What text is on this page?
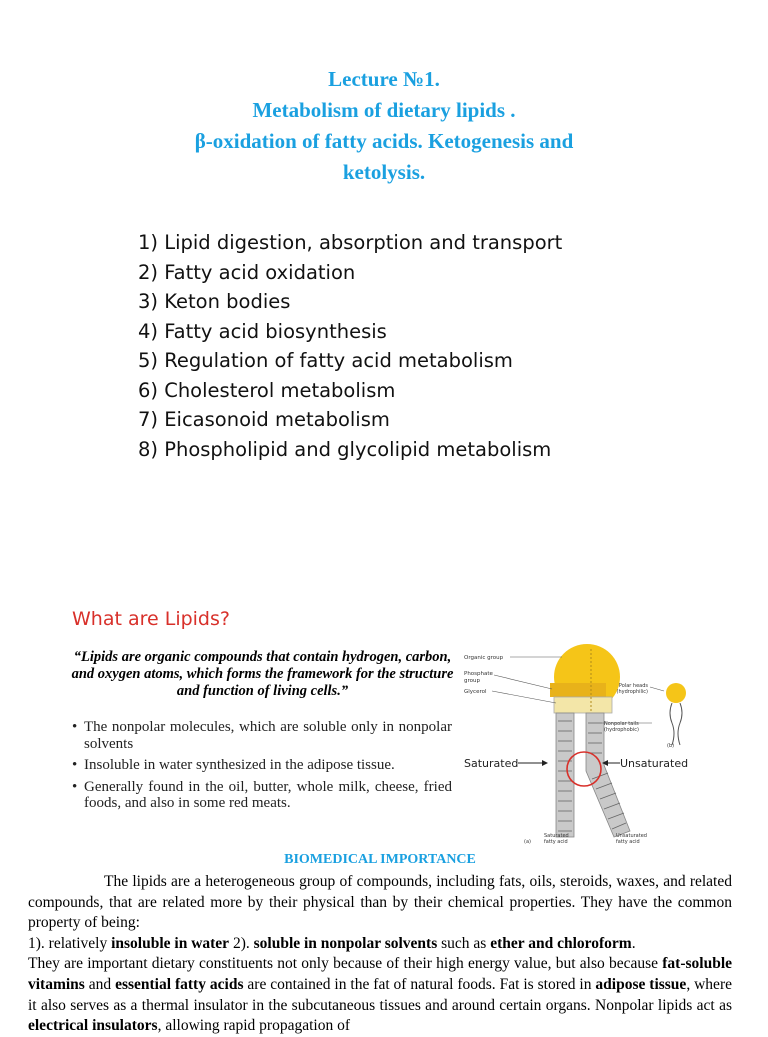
Lecture №1.
Metabolism of dietary lipids .
β-oxidation of fatty acids. Ketogenesis and
ketolysis.
1) Lipid digestion, absorption and transport
2) Fatty acid oxidation
3) Keton bodies
4) Fatty acid biosynthesis
5) Regulation of fatty acid metabolism
6) Cholesterol metabolism
7) Eicasonoid metabolism
8) Phospholipid and glycolipid metabolism
What are Lipids?
“Lipids are organic compounds that contain hydrogen, carbon, and oxygen atoms, which forms the framework for the structure and function of living cells.”
• The nonpolar molecules, which are soluble only in nonpolar solvents
• Insoluble in water synthesized in the adipose tissue.
• Generally found in the oil, butter, whole milk, cheese, fried foods, and also in some red meats.
Organic group
Phosphate
group
Glycerol
Polar heads
(hydrophilic)
Nonpolar tails
(hydrophobic)
(b)
(a)
Saturated
fatty acid
Unsaturated
fatty acid
Saturated	Unsaturated
BIOMEDICAL IMPORTANCE

The lipids are a heterogeneous group of compounds, including fats, oils, steroids, waxes, and related compounds, that are related more by their physical than by their chemical properties. They have the common property of being:

1). relatively insoluble in water 2). soluble in nonpolar solvents such as ether and chloroform.

They are important dietary constituents not only because of their high energy value, but also because fat-soluble vitamins and essential fatty acids are contained in the fat of natural foods. Fat is stored in adipose tissue, where it also serves as a thermal insulator in the subcutaneous tissues and around certain organs. Nonpolar lipids act as electrical insulators, allowing rapid propagation of
